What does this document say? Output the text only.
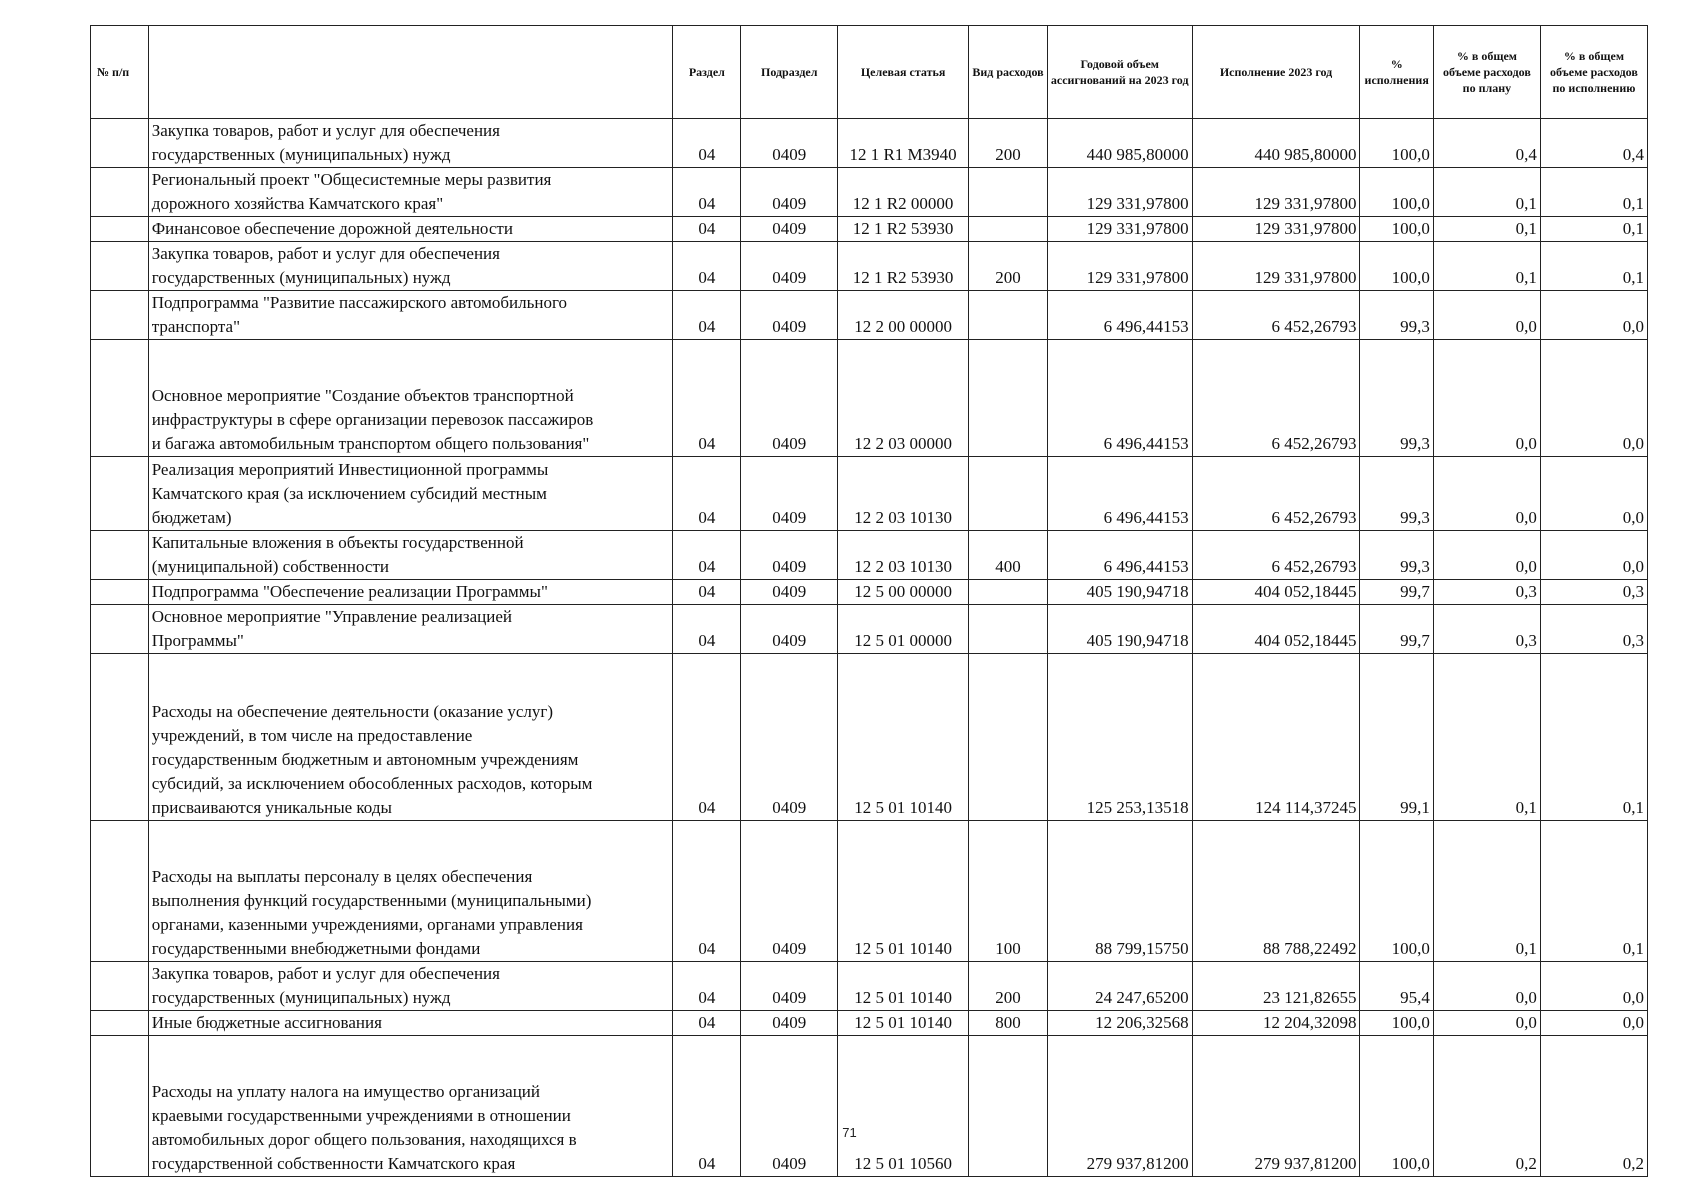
№ п/п		Раздел	Подраздел	Целевая статья	Вид расходов	Годовой объем ассигнований на 2023 год	Исполнение 2023 год	% исполнения	% в общем объеме расходов по плану	% в общем объеме расходов по исполнению
	Закупка товаров, работ и услуг для обеспечения
государственных (муниципальных) нужд	04	0409	12 1 R1 M3940	200	440 985,80000	440 985,80000	100,0	0,4	0,4
	Региональный проект "Общесистемные меры развития
дорожного хозяйства Камчатского края"	04	0409	12 1 R2 00000		129 331,97800	129 331,97800	100,0	0,1	0,1
	Финансовое обеспечение дорожной деятельности	04	0409	12 1 R2 53930		129 331,97800	129 331,97800	100,0	0,1	0,1
	Закупка товаров, работ и услуг для обеспечения
государственных (муниципальных) нужд	04	0409	12 1 R2 53930	200	129 331,97800	129 331,97800	100,0	0,1	0,1
	Подпрограмма "Развитие пассажирского автомобильного
транспорта"	04	0409	12 2 00 00000		6 496,44153	6 452,26793	99,3	0,0	0,0
	Основное мероприятие "Создание объектов транспортной
инфраструктуры в сфере организации перевозок пассажиров
и багажа автомобильным транспортом общего пользования"	04	0409	12 2 03 00000		6 496,44153	6 452,26793	99,3	0,0	0,0
	Реализация мероприятий Инвестиционной программы
Камчатского края (за исключением субсидий местным
бюджетам)	04	0409	12 2 03 10130		6 496,44153	6 452,26793	99,3	0,0	0,0
	Капитальные вложения в объекты государственной
(муниципальной) собственности	04	0409	12 2 03 10130	400	6 496,44153	6 452,26793	99,3	0,0	0,0
	Подпрограмма "Обеспечение реализации Программы"	04	0409	12 5 00 00000		405 190,94718	404 052,18445	99,7	0,3	0,3
	Основное мероприятие "Управление реализацией
Программы"	04	0409	12 5 01 00000		405 190,94718	404 052,18445	99,7	0,3	0,3
	Расходы на обеспечение деятельности (оказание услуг)
учреждений, в том числе на предоставление
государственным бюджетным и автономным учреждениям
субсидий, за исключением обособленных расходов, которым
присваиваются уникальные коды	04	0409	12 5 01 10140		125 253,13518	124 114,37245	99,1	0,1	0,1
	Расходы на выплаты персоналу в целях обеспечения
выполнения функций государственными (муниципальными)
органами, казенными учреждениями, органами управления
государственными внебюджетными фондами	04	0409	12 5 01 10140	100	88 799,15750	88 788,22492	100,0	0,1	0,1
	Закупка товаров, работ и услуг для обеспечения
государственных (муниципальных) нужд	04	0409	12 5 01 10140	200	24 247,65200	23 121,82655	95,4	0,0	0,0
	Иные бюджетные ассигнования	04	0409	12 5 01 10140	800	12 206,32568	12 204,32098	100,0	0,0	0,0
	Расходы на уплату налога на имущество организаций
краевыми государственными учреждениями в отношении
автомобильных дорог общего пользования, находящихся в
государственной собственности Камчатского края	04	0409	12 5 01 10560		279 937,81200	279 937,81200	100,0	0,2	0,2
71
